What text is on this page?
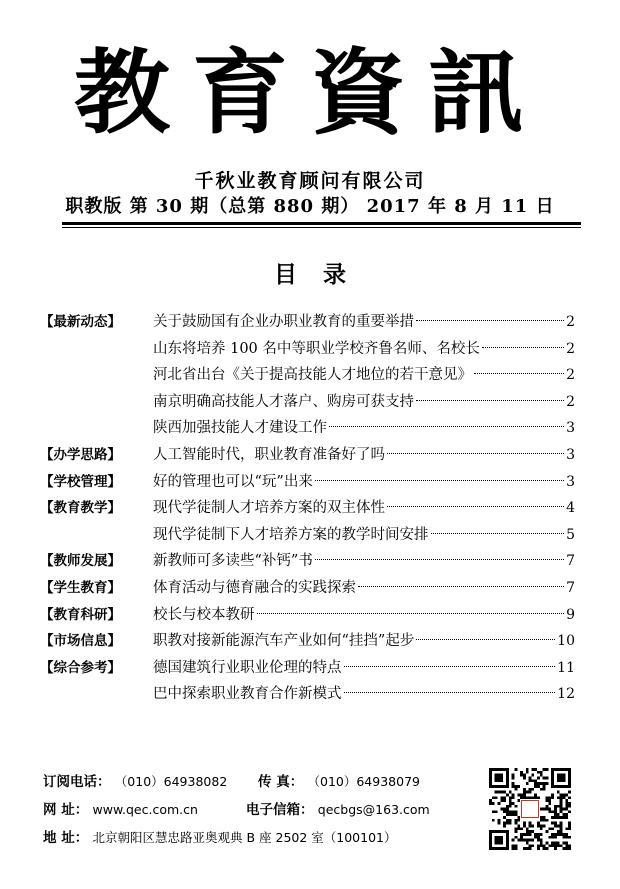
教育資訊
千秋业教育顾问有限公司
职教版 第 30 期（总第 880 期） 2017 年 8 月 11 日
目录
【最新动态】	关于鼓励国有企业办职业教育的重要举措	2
山东将培养 100 名中等职业学校齐鲁名师、名校长	2
河北省出台《关于提高技能人才地位的若干意见》	2
南京明确高技能人才落户、购房可获支持	2
陕西加强技能人才建设工作	3
【办学思路】	人工智能时代，职业教育准备好了吗	3
【学校管理】	好的管理也可以“玩”出来	3
【教育教学】	现代学徒制人才培养方案的双主体性	4
现代学徒制下人才培养方案的教学时间安排	5
【教师发展】	新教师可多读些“补钙”书	7
【学生教育】	体育活动与德育融合的实践探索	7
【教育科研】	校长与校本教研	9
【市场信息】	职教对接新能源汽车产业如何“挂挡”起步	10
【综合参考】	德国建筑行业职业伦理的特点	11
巴中探索职业教育合作新模式	12
订阅电话： （010）64938082 传 真： （010）64938079
网 址： www.qec.com.cn	电子信箱： qecbgs@163.com
地 址： 北京朝阳区慧忠路亚奥观典 B 座 2502 室（100101）
